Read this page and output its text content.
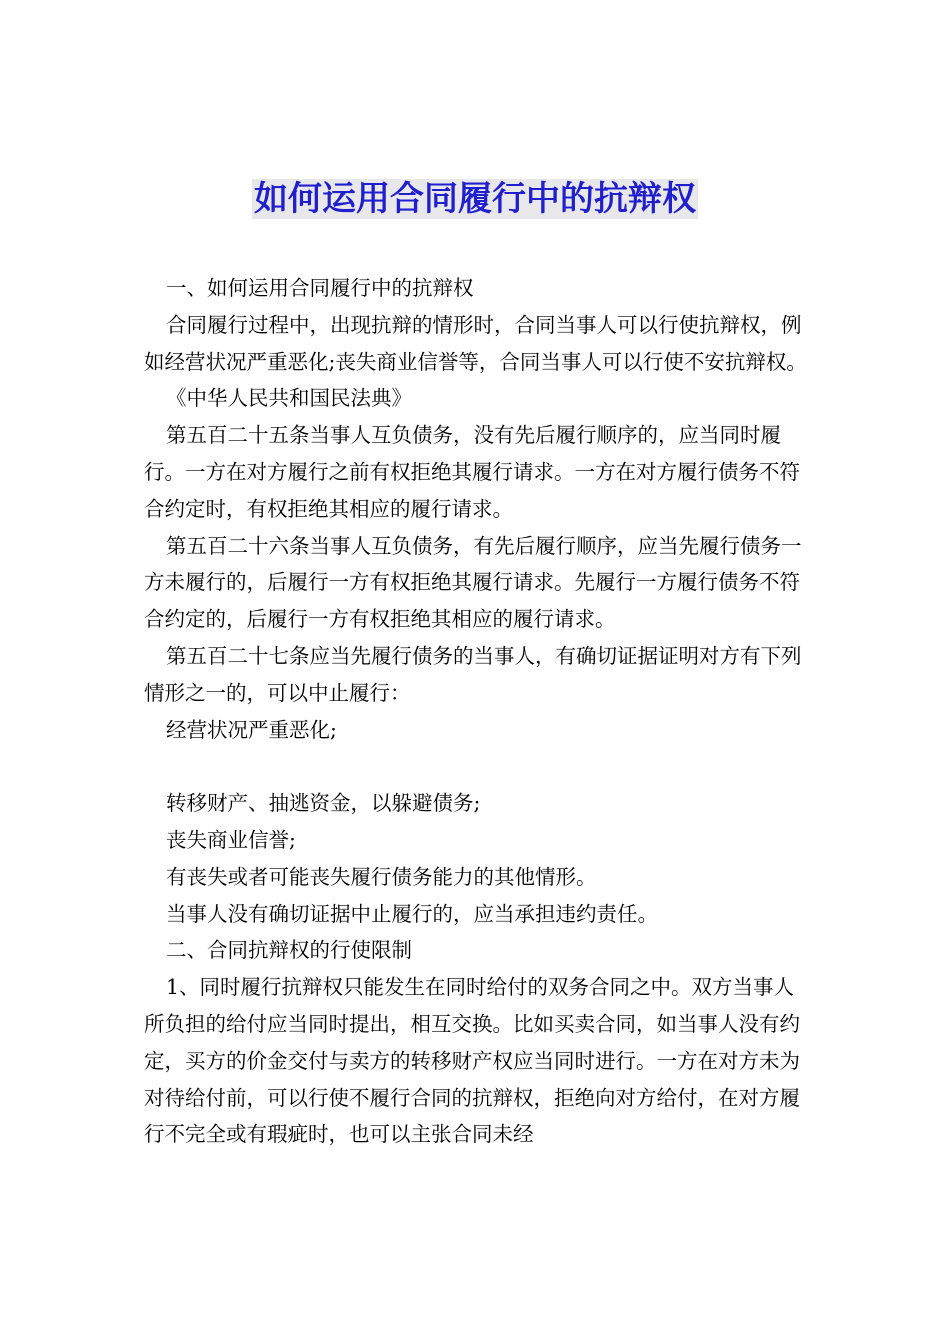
如何运用合同履行中的抗辩权

一、如何运用合同履行中的抗辩权

合同履行过程中，出现抗辩的情形时，合同当事人可以行使抗辩权，例如经营状况严重恶化;丧失商业信誉等，合同当事人可以行使不安抗辩权。

《中华人民共和国民法典》

第五百二十五条当事人互负债务，没有先后履行顺序的，应当同时履行。一方在对方履行之前有权拒绝其履行请求。一方在对方履行债务不符合约定时，有权拒绝其相应的履行请求。

第五百二十六条当事人互负债务，有先后履行顺序，应当先履行债务一方未履行的，后履行一方有权拒绝其履行请求。先履行一方履行债务不符合约定的，后履行一方有权拒绝其相应的履行请求。

第五百二十七条应当先履行债务的当事人，有确切证据证明对方有下列情形之一的，可以中止履行：

经营状况严重恶化;

转移财产、抽逃资金，以躲避债务;

丧失商业信誉;

有丧失或者可能丧失履行债务能力的其他情形。

当事人没有确切证据中止履行的，应当承担违约责任。

二、合同抗辩权的行使限制

1、同时履行抗辩权只能发生在同时给付的双务合同之中。双方当事人所负担的给付应当同时提出，相互交换。比如买卖合同，如当事人没有约定，买方的价金交付与卖方的转移财产权应当同时进行。一方在对方未为对待给付前，可以行使不履行合同的抗辩权，拒绝向对方给付，在对方履行不完全或有瑕疵时，也可以主张合同未经
